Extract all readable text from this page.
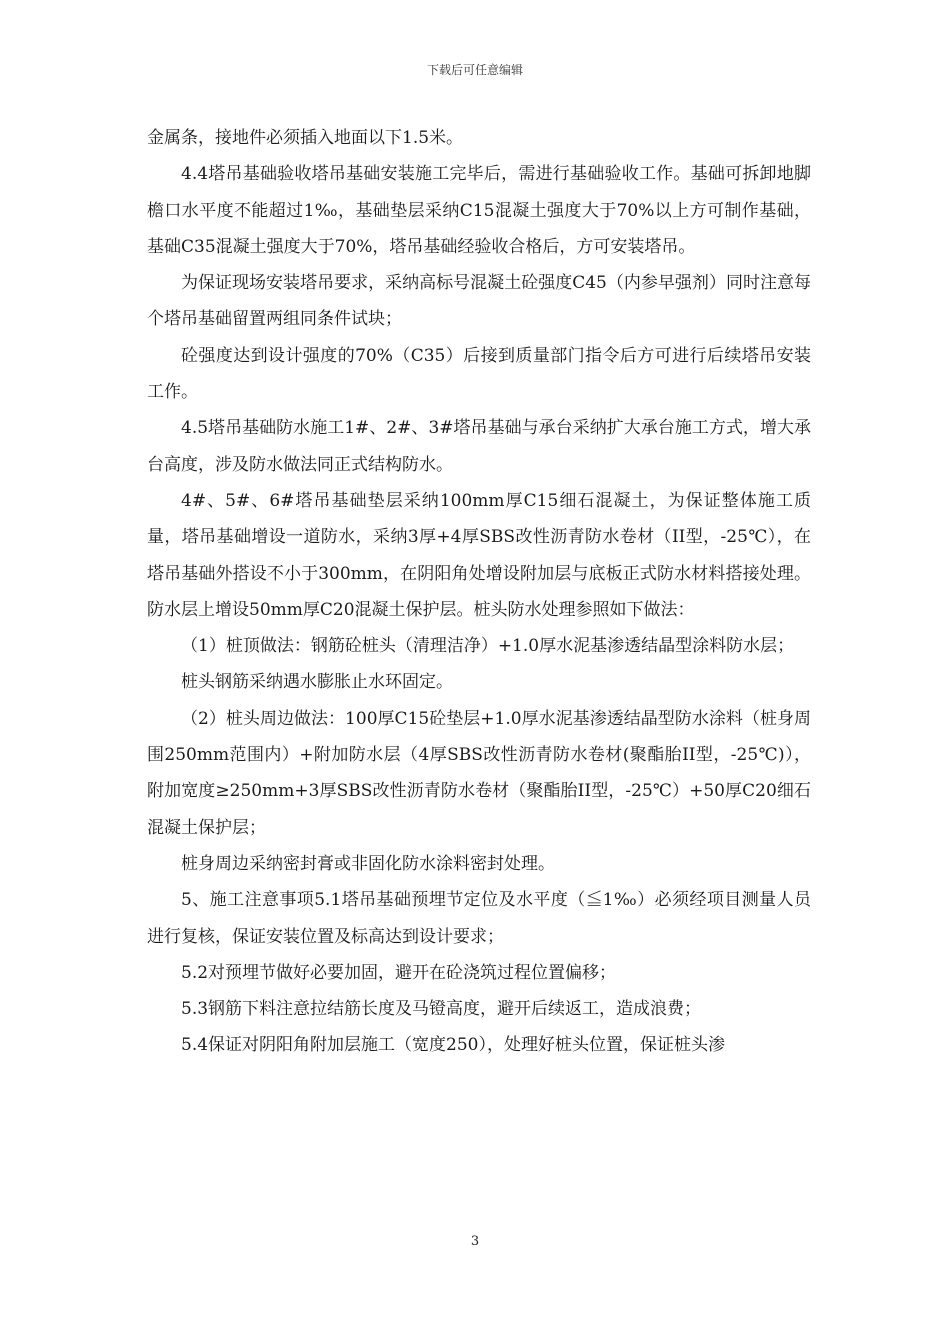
下载后可任意编辑

金属条，接地件必须插入地面以下1.5米。

4.4塔吊基础验收塔吊基础安装施工完毕后，需进行基础验收工作。基础可拆卸地脚檐口水平度不能超过1‰，基础垫层采纳C15混凝土强度大于70%以上方可制作基础，基础C35混凝土强度大于70%，塔吊基础经验收合格后，方可安装塔吊。

为保证现场安装塔吊要求，采纳高标号混凝土砼强度C45（内参早强剂）同时注意每个塔吊基础留置两组同条件试块；

砼强度达到设计强度的70%（C35）后接到质量部门指令后方可进行后续塔吊安装工作。

4.5塔吊基础防水施工1#、2#、3#塔吊基础与承台采纳扩大承台施工方式，增大承台高度，涉及防水做法同正式结构防水。

4#、5#、6#塔吊基础垫层采纳100mm厚C15细石混凝土，为保证整体施工质量，塔吊基础增设一道防水，采纳3厚+4厚SBS改性沥青防水卷材（II型，-25℃），在塔吊基础外搭设不小于300mm，在阴阳角处增设附加层与底板正式防水材料搭接处理。防水层上增设50mm厚C20混凝土保护层。桩头防水处理参照如下做法：

（1）桩顶做法：钢筋砼桩头（清理洁净）+1.0厚水泥基渗透结晶型涂料防水层；

桩头钢筋采纳遇水膨胀止水环固定。

（2）桩头周边做法：100厚C15砼垫层+1.0厚水泥基渗透结晶型防水涂料（桩身周围250mm范围内）+附加防水层（4厚SBS改性沥青防水卷材(聚酯胎II型，-25℃)），附加宽度≥250mm+3厚SBS改性沥青防水卷材（聚酯胎II型，-25℃）+50厚C20细石混凝土保护层；

桩身周边采纳密封膏或非固化防水涂料密封处理。

5、施工注意事项5.1塔吊基础预埋节定位及水平度（≦1‰）必须经项目测量人员进行复核，保证安装位置及标高达到设计要求；

5.2对预埋节做好必要加固，避开在砼浇筑过程位置偏移；

5.3钢筋下料注意拉结筋长度及马镫高度，避开后续返工，造成浪费；

5.4保证对阴阳角附加层施工（宽度250），处理好桩头位置，保证桩头渗

3
